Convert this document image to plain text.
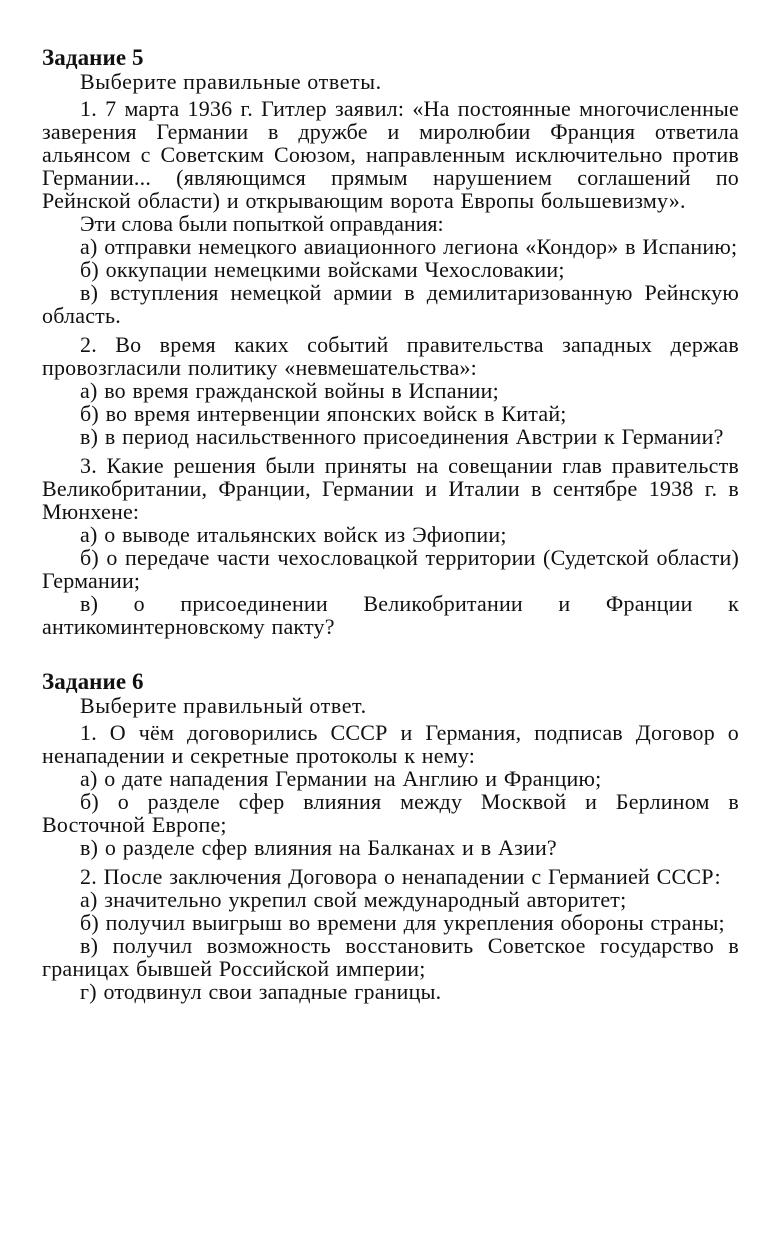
Задание 5

Выберите правильные ответы.

1. 7 марта 1936 г. Гитлер заявил: «На постоянные многочисленные заверения Германии в дружбе и миролюбии Франция ответила альянсом с Советским Союзом, направленным исключительно против Германии... (являющимся прямым нарушением соглашений по Рейнской области) и открывающим ворота Европы большевизму».

Эти слова были попыткой оправдания:

а) отправки немецкого авиационного легиона «Кондор» в Испанию;

б) оккупации немецкими войсками Чехословакии;

в) вступления немецкой армии в демилитаризованную Рейнскую область.

2. Во время каких событий правительства западных держав провозгласили политику «невмешательства»:

а) во время гражданской войны в Испании;

б) во время интервенции японских войск в Китай;

в) в период насильственного присоединения Австрии к Германии?

3. Какие решения были приняты на совещании глав правительств Великобритании, Франции, Германии и Италии в сентябре 1938 г. в Мюнхене:

а) о выводе итальянских войск из Эфиопии;

б) о передаче части чехословацкой территории (Судетской области) Германии;

в) о присоединении Великобритании и Франции к антикоминтерновскому пакту?

Задание 6

Выберите правильный ответ.

1. О чём договорились СССР и Германия, подписав Договор о ненападении и секретные протоколы к нему:

а) о дате нападения Германии на Англию и Францию;

б) о разделе сфер влияния между Москвой и Берлином в Восточной Европе;

в) о разделе сфер влияния на Балканах и в Азии?

2. После заключения Договора о ненападении с Германией СССР:

а) значительно укрепил свой международный авторитет;

б) получил выигрыш во времени для укрепления обороны страны;

в) получил возможность восстановить Советское государство в границах бывшей Российской империи;

г) отодвинул свои западные границы.
